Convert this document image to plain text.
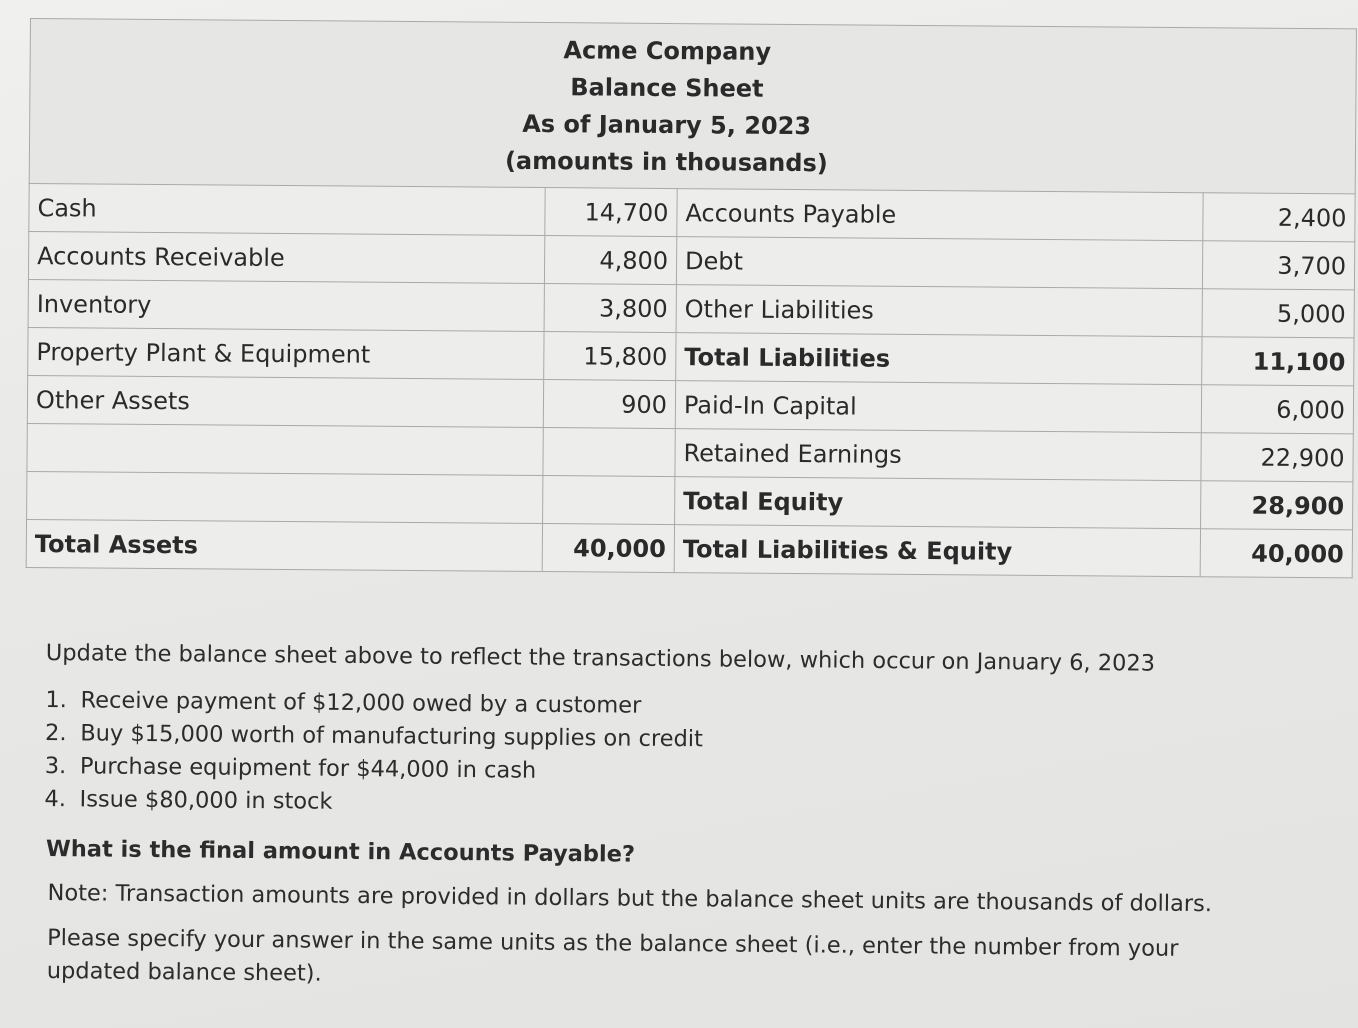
Acme Company
Balance Sheet
As of January 5, 2023
(amounts in thousands)			

Cash	14,700	Accounts Payable	2,400
Accounts Receivable	4,800	Debt	3,700
Inventory	3,800	Other Liabilities	5,000
Property Plant & Equipment	15,800	Total Liabilities	11,100
Other Assets	900	Paid-In Capital	6,000
		Retained Earnings	22,900
		Total Equity	28,900
Total Assets	40,000	Total Liabilities & Equity	40,000

Update the balance sheet above to reflect the transactions below, which occur on January 6, 2023

1. Receive payment of $12,000 owed by a customer
2. Buy $15,000 worth of manufacturing supplies on credit
3. Purchase equipment for $44,000 in cash
4. Issue $80,000 in stock

What is the final amount in Accounts Payable?

Note: Transaction amounts are provided in dollars but the balance sheet units are thousands of dollars.

Please specify your answer in the same units as the balance sheet (i.e., enter the number from your updated balance sheet).
